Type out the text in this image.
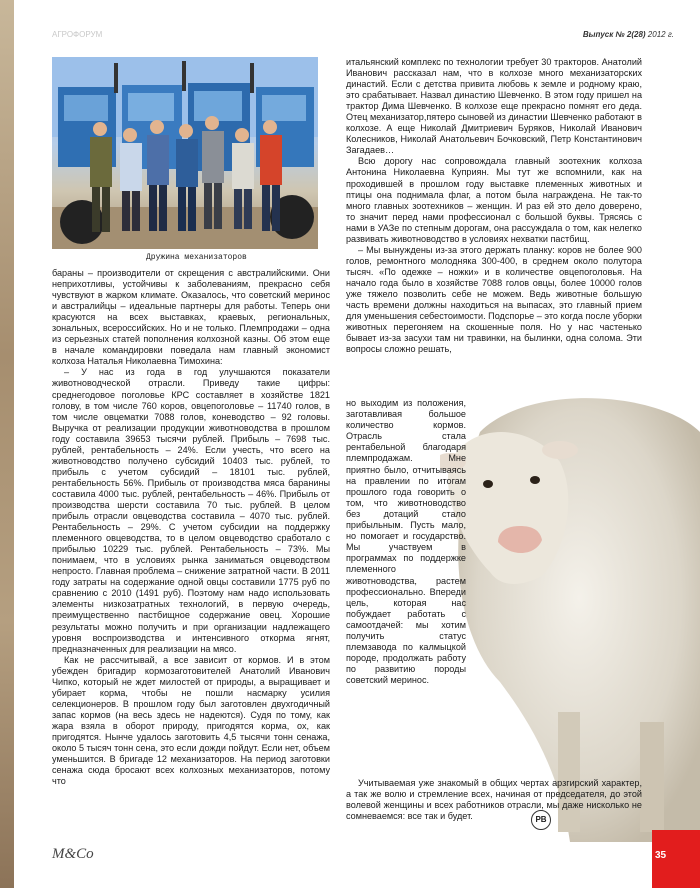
АГРОФОРУМ	Выпуск № 2(28) 2012 г.
Дружина механизаторов

бараны – производители от скрещения с австралийскими. Они неприхотливы, устойчивы к заболеваниям, прекрасно себя чувствуют в жарком климате. Оказалось, что советский меринос и австралийцы – идеальные партнеры для работы. Теперь они красуются на всех выставках, краевых, региональных, зональных, всероссийских. Но и не только. Племпродажи – одна из серьезных статей пополнения колхозной казны. Об этом еще в начале командировки поведала нам главный экономист колхоза Наталья Николаевна Тимохина:

– У нас из года в год улучшаются показатели животноводческой отрасли. Приведу такие цифры: среднегодовое поголовье КРС составляет в хозяйстве 1821 голову, в том числе 760 коров, овцепоголовье – 11740 голов, в том числе овцематки 7088 голов, коневодство – 92 головы. Выручка от реализации продукции животноводства в прошлом году составила 39653 тысячи рублей. Прибыль – 7698 тыс. рублей, рентабельность – 24%. Если учесть, что всего на животноводство получено субсидий 10403 тыс. рублей, то прибыль с учетом субсидий – 18101 тыс. рублей, рентабельность 56%. Прибыль от производства мяса баранины составила 4000 тыс. рублей, рентабельность – 46%. Прибыль от производства шерсти составила 70 тыс. рублей. В целом прибыль отрасли овцеводства составила – 4070 тыс. рублей. Рентабельность – 29%. С учетом субсидии на поддержку племенного овцеводства, то в целом овцеводство сработало с прибылью 10229 тыс. рублей. Рентабельность – 73%. Мы понимаем, что в условиях рынка заниматься овцеводством непросто. Главная проблема – снижение затратной части. В 2011 году затраты на содержание одной овцы составили 1775 руб по сравнению с 2010 (1491 руб). Поэтому нам надо использовать элементы низкозатратных технологий, в первую очередь, преимущественно пастбищное содержание овец. Хорошие результаты можно получить и при организации надлежащего уровня воспроизводства и интенсивного откорма ягнят, предназначенных для реализации на мясо.

Как не рассчитывай, а все зависит от кормов. И в этом убежден бригадир кормозаготовителей Анатолий Иванович Чипко, который не ждет милостей от природы, а выращивает и убирает корма, чтобы не пошли насмарку усилия селекционеров. В прошлом году был заготовлен двухгодичный запас кормов (на весь здесь не надеются). Судя по тому, как жара взяла в оборот природу, пригодятся корма, ох, как пригодятся. Нынче удалось заготовить 4,5 тысячи тонн сенажа, около 5 тысяч тонн сена, это если дожди пойдут. Если нет, объем уменьшится. В бригаде 12 механизаторов. На период заготовки сенажа сюда бросают всех колхозных механизаторов, потому что

итальянский комплекс по технологии требует 30 тракторов. Анатолий Иванович рассказал нам, что в колхозе много механизаторских династий. Если с детства привита любовь к земле и родному краю, это срабатывает. Назвал династию Шевченко. В этом году пришел на трактор Дима Шевченко. В колхозе еще прекрасно помнят его деда. Отец механизатор,пятеро сыновей из династии Шевченко работают в колхозе. А еще Николай Дмитриевич Буряков, Николай Иванович Колесников, Николай Анатольевич Бочковский, Петр Константинович Загадаев…

Всю дорогу нас сопровождала главный зоотехник колхоза Антонина Николаевна Куприян. Мы тут же вспомнили, как на проходившей в прошлом году выставке племенных животных и птицы она поднимала флаг, а потом была награждена. Не так-то много главных зоотехников – женщин. И раз ей это дело доверено, то значит перед нами профессионал с большой буквы. Трясясь с нами в УАЗе по степным дорогам, она рассуждала о том, как нелегко развивать животноводство в условиях нехватки пастбищ.

– Мы вынуждены из-за этого держать планку: коров не более 900 голов, ремонтного молодняка 300-400, в среднем около полутора тысяч. «По одежке – ножки» и в количестве овцепоголовья. На начало года было в хозяйстве 7088 голов овцы, более 10000 голов уже тяжело позволить себе не можем. Ведь животные большую часть времени должны находиться на выпасах, это главный прием для уменьшения себестоимости. Подспорье – это когда после уборки животных перегоняем на скошенные поля. Но у нас частенько бывает из-за засухи там ни травинки, на былинки, одна солома. Эти вопросы сложно решать,

но выходим из положения, заготавливая большое количество кормов. Отрасль стала рентабельной благодаря племпродажам. Мне приятно было, отчитываясь на правлении по итогам прошлого года говорить о том, что животноводство без дотаций стало прибыльным. Пусть мало, но помогает и государство. Мы участвуем в программах по поддержке племенного животноводства, растем профессионально. Впереди цель, которая нас побуждает работать с самоотдачей: мы хотим получить статус племзавода по калмыцкой породе, продолжать работу по развитию породы советский меринос.

Учитываемая уже знакомый в общих чертах арзгирский характер, а так же волю и стремление всех, начиная от председателя, до этой волевой женщины и всех работников отрасли, мы даже нисколько не сомневаемся: все так и будет.	РВ
M&Co	АГРО	35
